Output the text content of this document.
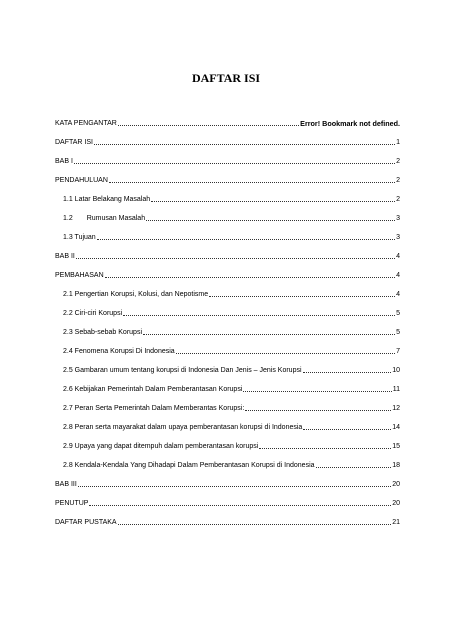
DAFTAR ISI
KATA PENGANTAR	Error! Bookmark not defined.
DAFTAR ISI	1
BAB I	2
PENDAHULUAN	2
1.1 Latar Belakang Masalah	2
1.2 Rumusan Masalah	3
1.3 Tujuan	3
BAB II	4
PEMBAHASAN	4
2.1 Pengertian Korupsi, Kolusi, dan Nepotisme	4
2.2 Ciri-ciri Korupsi	5
2.3 Sebab-sebab Korupsi	5
2.4 Fenomena Korupsi Di Indonesia	7
2.5 Gambaran umum tentang korupsi di Indonesia Dan Jenis – Jenis Korupsi	10
2.6 Kebijakan Pemerintah Dalam Pemberantasan Korupsi	11
2.7 Peran Serta Pemerintah Dalam Memberantas Korupsi:	12
2.8 Peran serta mayarakat dalam upaya pemberantasan korupsi di Indonesia	14
2.9 Upaya yang dapat ditempuh dalam pemberantasan korupsi	15
2.8 Kendala-Kendala Yang Dihadapi Dalam Pemberantasan Korupsi di Indonesia	18
BAB III	20
PENUTUP	20
DAFTAR PUSTAKA	21
